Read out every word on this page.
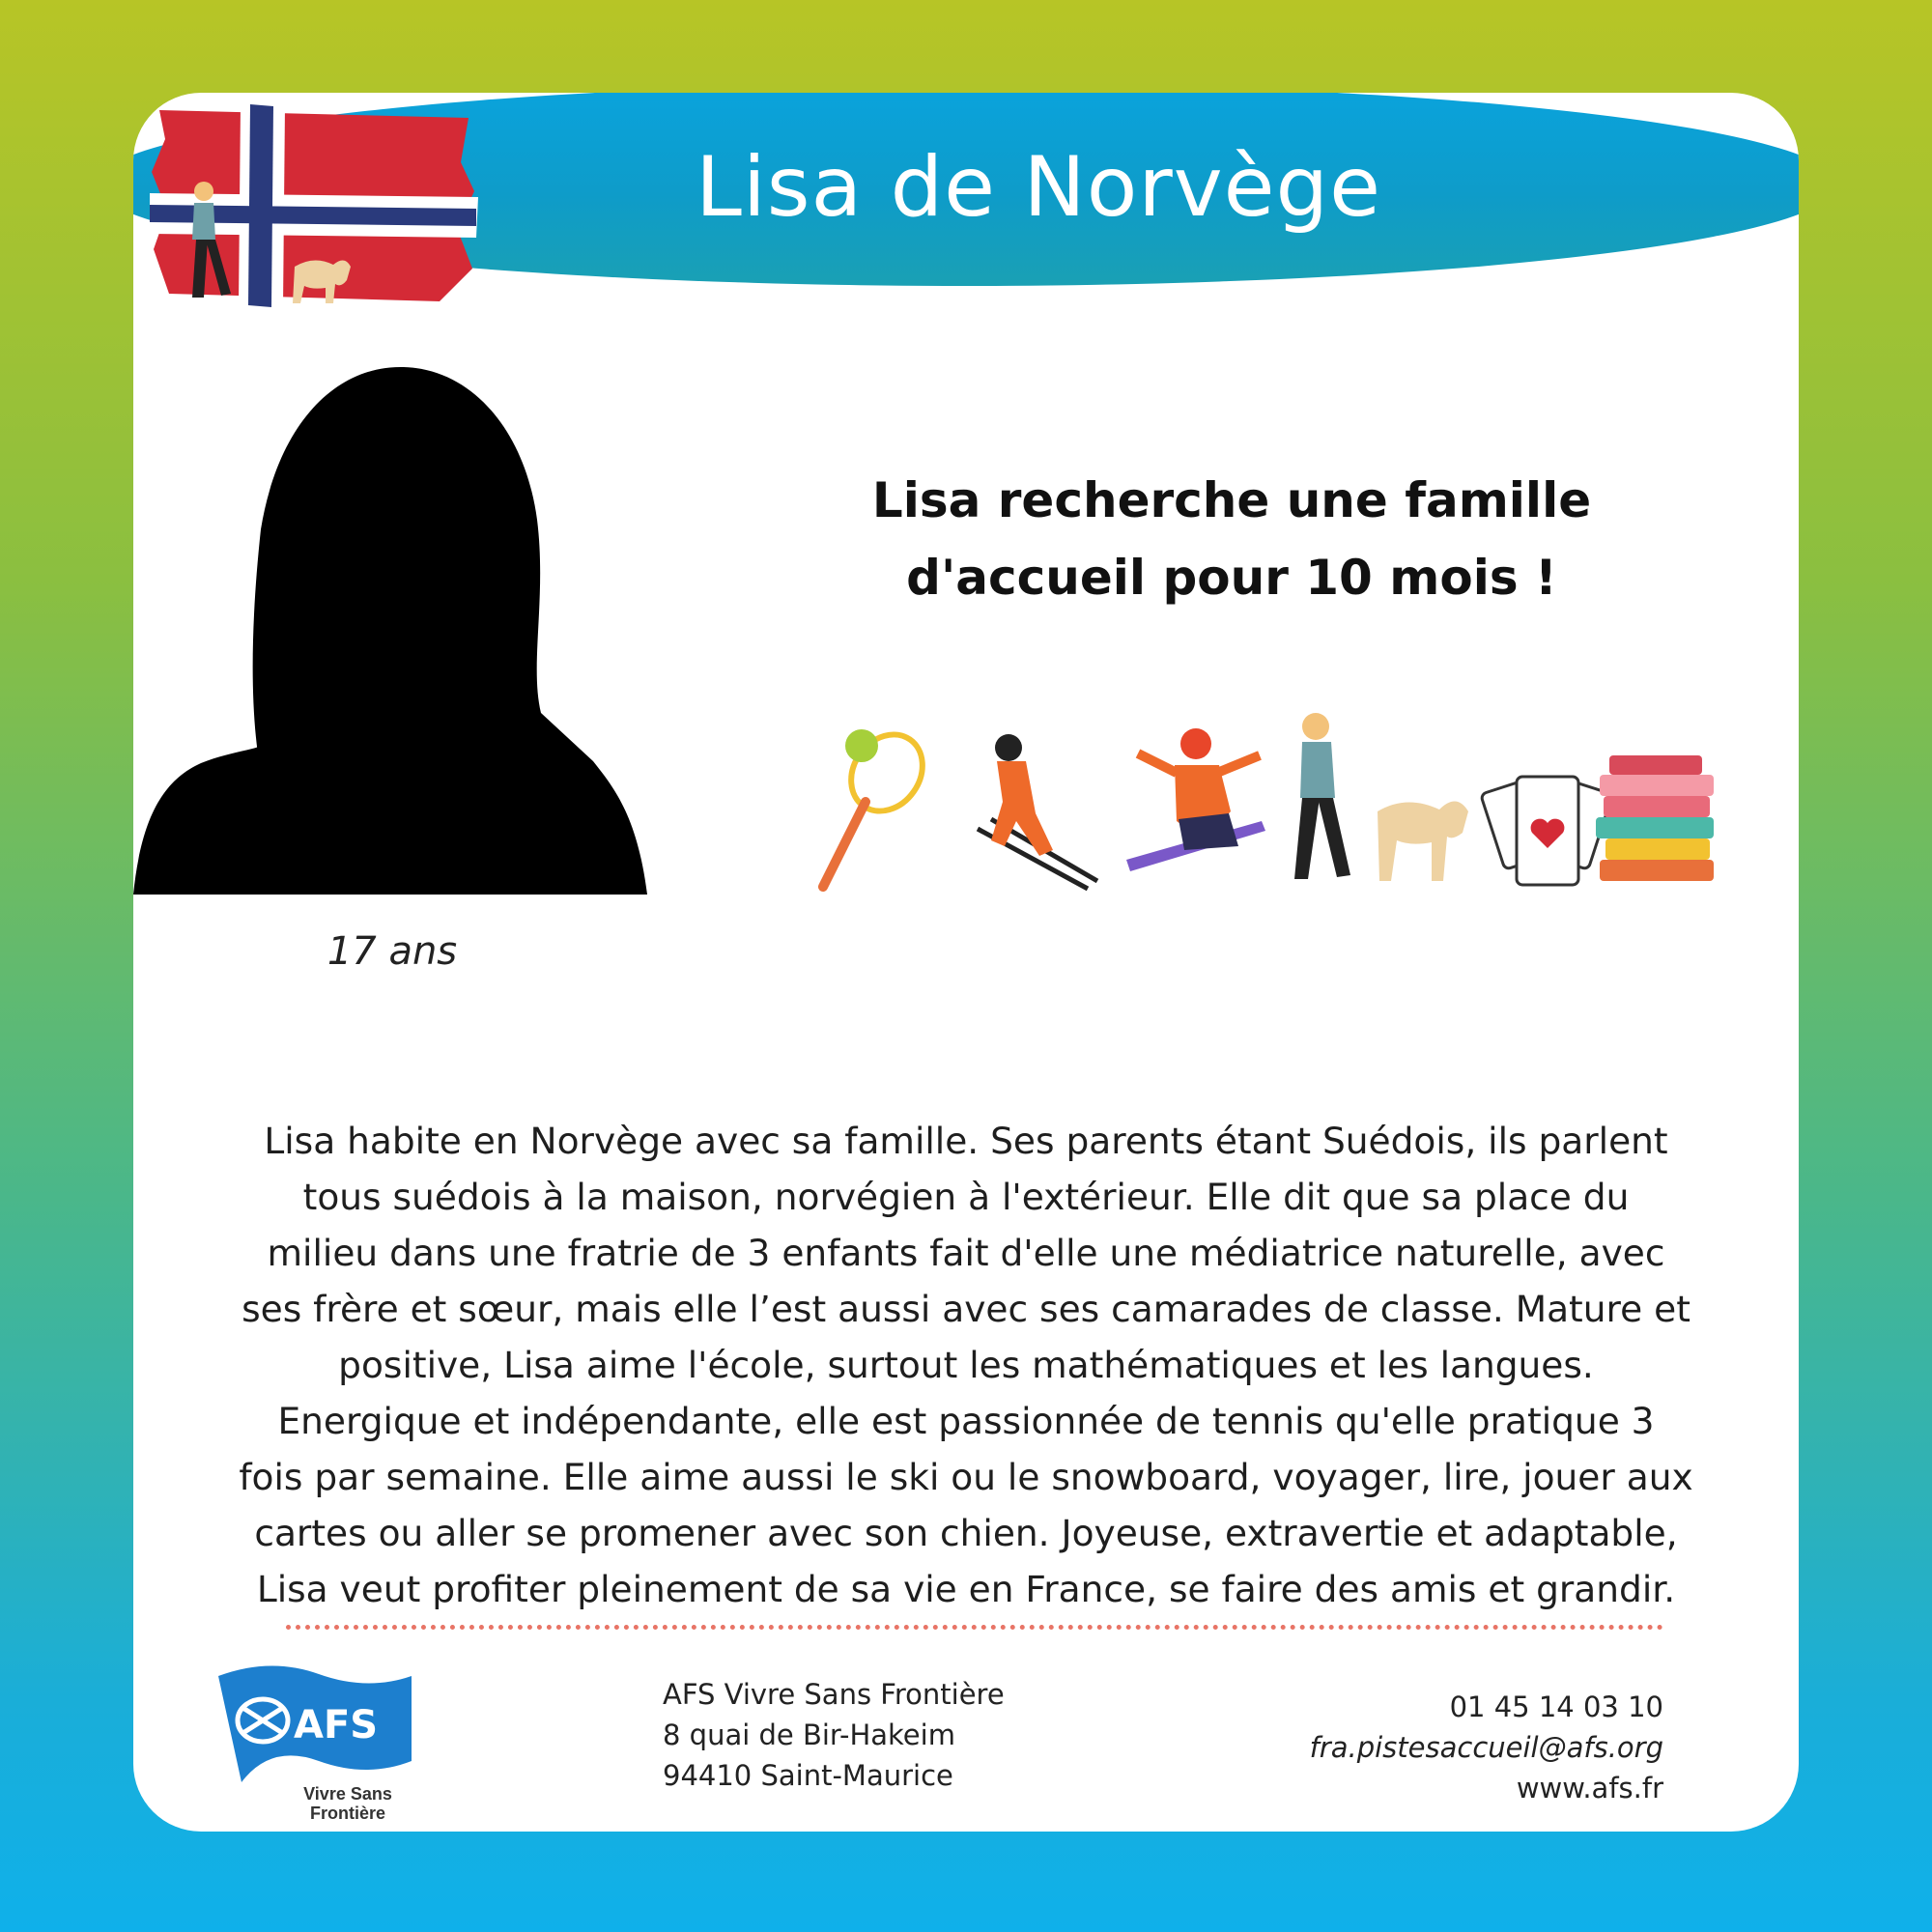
Lisa de Norvège
17 ans
Lisa recherche une famille
d'accueil pour 10 mois !

Lisa habite en Norvège avec sa famille. Ses parents étant Suédois, ils parlent
tous suédois à la maison, norvégien à l'extérieur. Elle dit que sa place du
milieu dans une fratrie de 3 enfants fait d'elle une médiatrice naturelle, avec
ses frère et sœur, mais elle l’est aussi avec ses camarades de classe. Mature et
positive, Lisa aime l'école, surtout les mathématiques et les langues.
Energique et indépendante, elle est passionnée de tennis qu'elle pratique 3
fois par semaine. Elle aime aussi le ski ou le snowboard, voyager, lire, jouer aux
cartes ou aller se promener avec son chien. Joyeuse, extravertie et adaptable,
Lisa veut profiter pleinement de sa vie en France, se faire des amis et grandir.

AFS
Vivre Sans
Frontière
AFS Vivre Sans Frontière
8 quai de Bir-Hakeim
94410 Saint-Maurice
01 45 14 03 10
fra.pistesaccueil@afs.org
www.afs.fr
